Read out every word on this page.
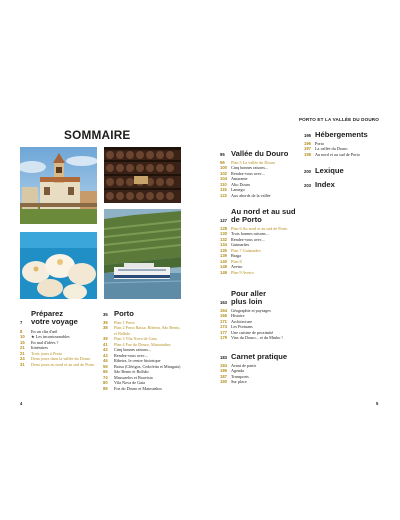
PORTO ET LA VALLÉE DU DOURO
SOMMAIRE
7
Préparez
votre voyage
8	En un clin d'œil
10	★ Les incontournables
15	En mal d'idées ?
21	Itinéraires
21	Trois jours à Porto
24	Deux jours dans la vallée du Douro
31	Deux jours au nord et au sud de Porto
35 Porto
36	Plan 1 Porto
38	Plan 2 Porto Baixa, Ribeira, São Bento, et Bolhão
39	Plan 3 Vila Nova de Gaia
41	Plan 4 Foz do Douro, Matosinhos
42	Cinq bonnes raisons...
44	Rendez-vous avec...
46	Ribeira, le centre historique
56	Baixa (Clérigos, Cedofeita et Miragaia)
66	São Bento et Bolhão
74	Massarelos et Boavista
80	Vila Nova de Gaia
86	Foz do Douro et Matosinhos
95 Vallée du Douro
96	Plan 5 La vallée du Douro
100 Cinq bonnes raisons...
102 Rendez-vous avec...
104 Amarante
110	Alto Douro
115	Lamego
122 Aux abords de la vallée
127
Au nord et au sud
de Porto
128 Plan 6 Au nord et au sud de Porto
130 Trois bonnes raisons...
132 Rendez-vous avec...
134 Guimarães
135 Plan 7 Guimarães
139 Braga
140 Plan 8
148 Aveiro
149 Plan 9 Aveiro
163
Pour aller
plus loin
164 Géographie et paysages
166 Histoire
171 Architecture
174 Les Portuans
177 Une cuisine de proximité
179 Vins du Douro... et du Minho !
183 Carnet pratique
184 Avant de partir
186 Agenda
187 Transports
190 Sur place
195 Hébergements
196 Porto
197 La vallée du Douro
198 Au nord et au sud de Porto
200 Lexique
203 Index
4	5
